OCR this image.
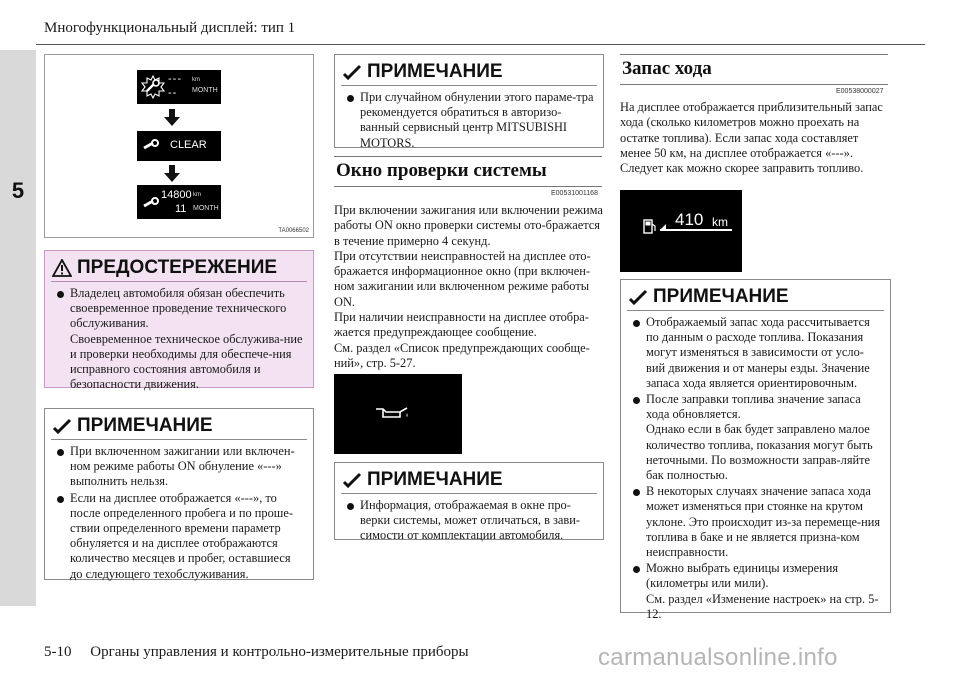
Многофункциональный дисплей: тип 1
5
---
--
km
MONTH
CLEAR
14800
11
km
MONTH
TA0066502
ПРЕДОСТЕРЕЖЕНИЕ
Владелец автомобиля обязан обеспечить своевременное проведение технического обслуживания.
Своевременное техническое обслужива-ние и проверки необходимы для обеспече-ния исправного состояния автомобиля и безопасности движения.
ПРИМЕЧАНИЕ
При включенном зажигании или включен-ном режиме работы ON обнуление «---» выполнить нельзя.
Если на дисплее отображается «---», то после определенного пробега и по проше-ствии определенного времени параметр обнуляется и на дисплее отображаются количество месяцев и пробег, оставшиеся до следующего техобслуживания.
ПРИМЕЧАНИЕ
При случайном обнулении этого параме-тра рекомендуется обратиться в авторизо-ванный сервисный центр MITSUBISHI MOTORS.
Окно проверки системы
E00531001168
При включении зажигания или включении режима работы ON окно проверки системы ото-бражается в течение примерно 4 секунд.
При отсутствии неисправностей на дисплее ото-бражается информационное окно (при включен-ном зажигании или включенном режиме работы ON.
При наличии неисправности на дисплее отобра-жается предупреждающее сообщение.
См. раздел «Список предупреждающих сообще-ний», стр. 5-27.
ПРИМЕЧАНИЕ
Информация, отображаемая в окне про-верки системы, может отличаться, в зави-симости от комплектации автомобиля.
Запас хода
E00538000027
На дисплее отображается приблизительный запас хода (сколько километров можно проехать на остатке топлива). Если запас хода составляет менее 50 км, на дисплее отображается «---».
Следует как можно скорее заправить топливо.
410 km
ПРИМЕЧАНИЕ
Отображаемый запас хода рассчитывается по данным о расходе топлива. Показания могут изменяться в зависимости от усло-вий движения и от манеры езды. Значение запаса хода является ориентировочным.
После заправки топлива значение запаса хода обновляется.
Однако если в бак будет заправлено малое количество топлива, показания могут быть неточными. По возможности заправ-ляйте бак полностью.
В некоторых случаях значение запаса хода может изменяться при стоянке на крутом уклоне. Это происходит из-за перемеще-ния топлива в баке и не является призна-ком неисправности.
Можно выбрать единицы измерения (километры или мили).
См. раздел «Изменение настроек» на стр. 5-12.
5-10     Органы управления и контрольно-измерительные приборы	carmanualsonline.info
